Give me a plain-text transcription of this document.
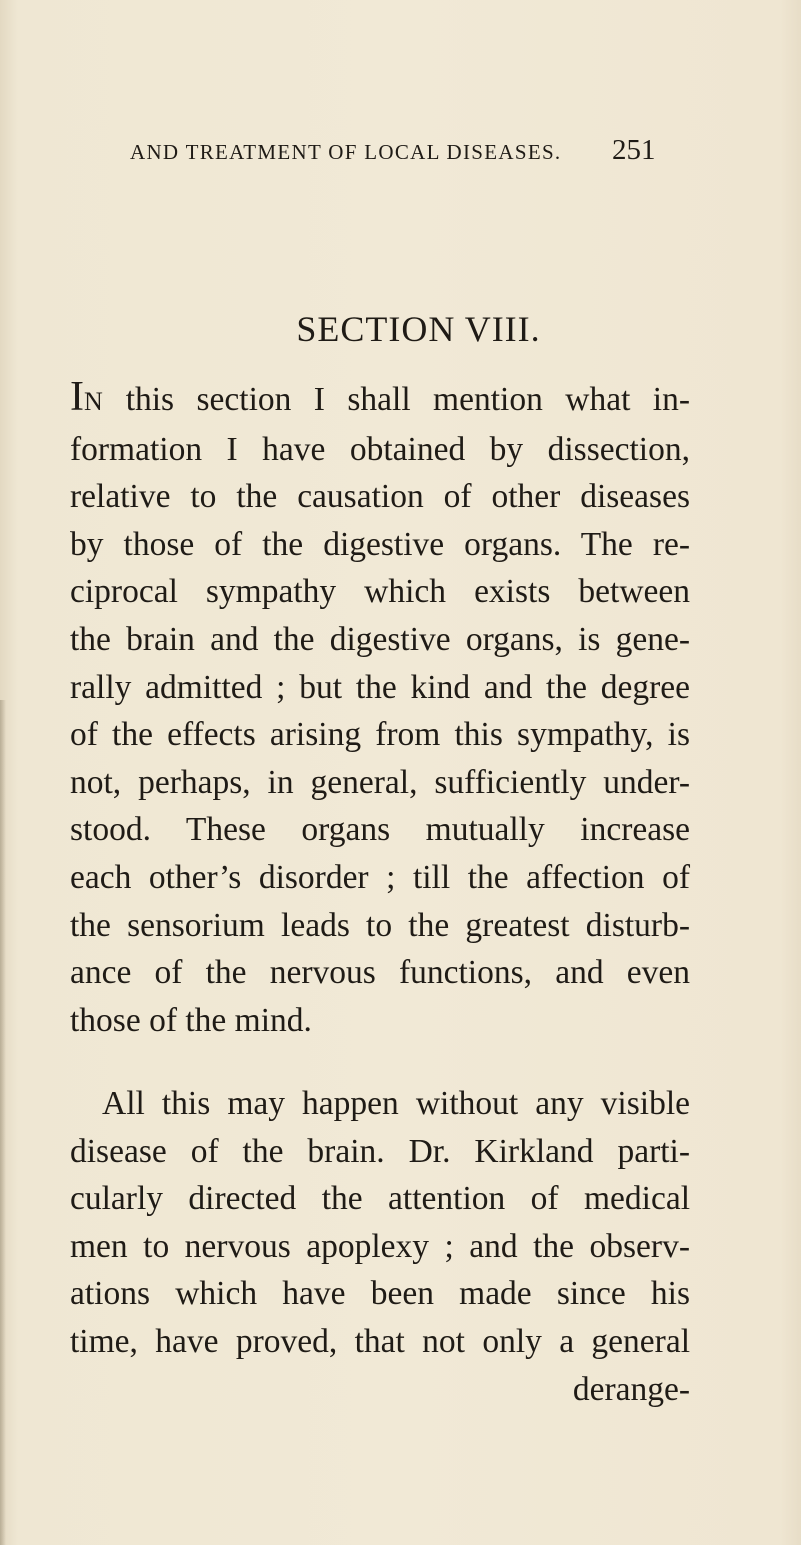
AND TREATMENT OF LOCAL DISEASES. 251
SECTION VIII.
IN this section I shall mention what in-
formation I have obtained by dissection,
relative to the causation of other diseases
by those of the digestive organs. The re-
ciprocal sympathy which exists between
the brain and the digestive organs, is gene-
rally admitted ; but the kind and the degree
of the effects arising from this sympathy, is
not, perhaps, in general, sufficiently under-
stood. These organs mutually increase
each other’s disorder ; till the affection of
the sensorium leads to the greatest disturb-
ance of the nervous functions, and even
those of the mind.
All this may happen without any visible
disease of the brain. Dr. Kirkland parti-
cularly directed the attention of medical
men to nervous apoplexy ; and the observ-
ations which have been made since his
time, have proved, that not only a general
derange-
